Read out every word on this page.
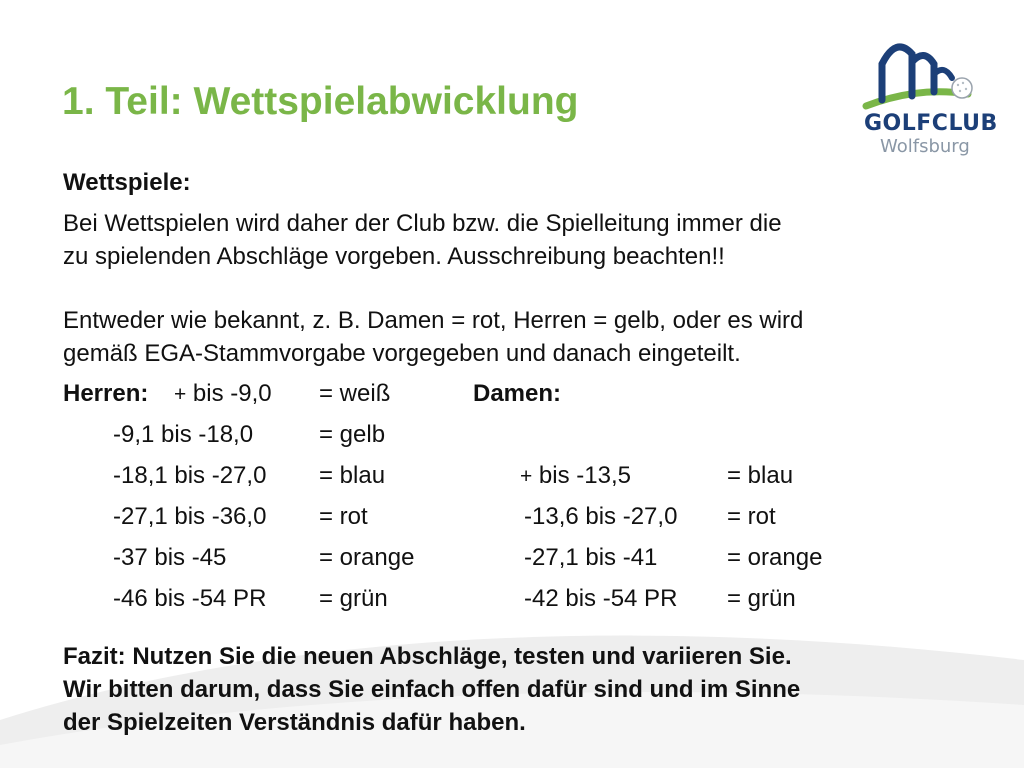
1. Teil: Wettspielabwicklung
GOLFCLUB
Wolfsburg
Wettspiele:
Bei Wettspielen wird daher der Club bzw. die Spielleitung immer die
zu spielenden Abschläge vorgeben. Ausschreibung beachten!!
Entweder wie bekannt, z. B. Damen = rot, Herren = gelb, oder es wird
gemäß EGA-Stammvorgabe vorgegeben und danach eingeteilt.
Herren: + bis -9,0 = weiß
-9,1 bis -18,0	= gelb
-18,1 bis -27,0 = blau
-27,1 bis -36,0 = rot
-37 bis -45	= orange
-46 bis -54 PR = grün
Damen:
+ bis -13,5	= blau
-13,6 bis -27,0 = rot
-27,1 bis -41	= orange
-42 bis -54 PR = grün
Fazit: Nutzen Sie die neuen Abschläge, testen und variieren Sie.
Wir bitten darum, dass Sie einfach offen dafür sind und im Sinne
der Spielzeiten Verständnis dafür haben.
